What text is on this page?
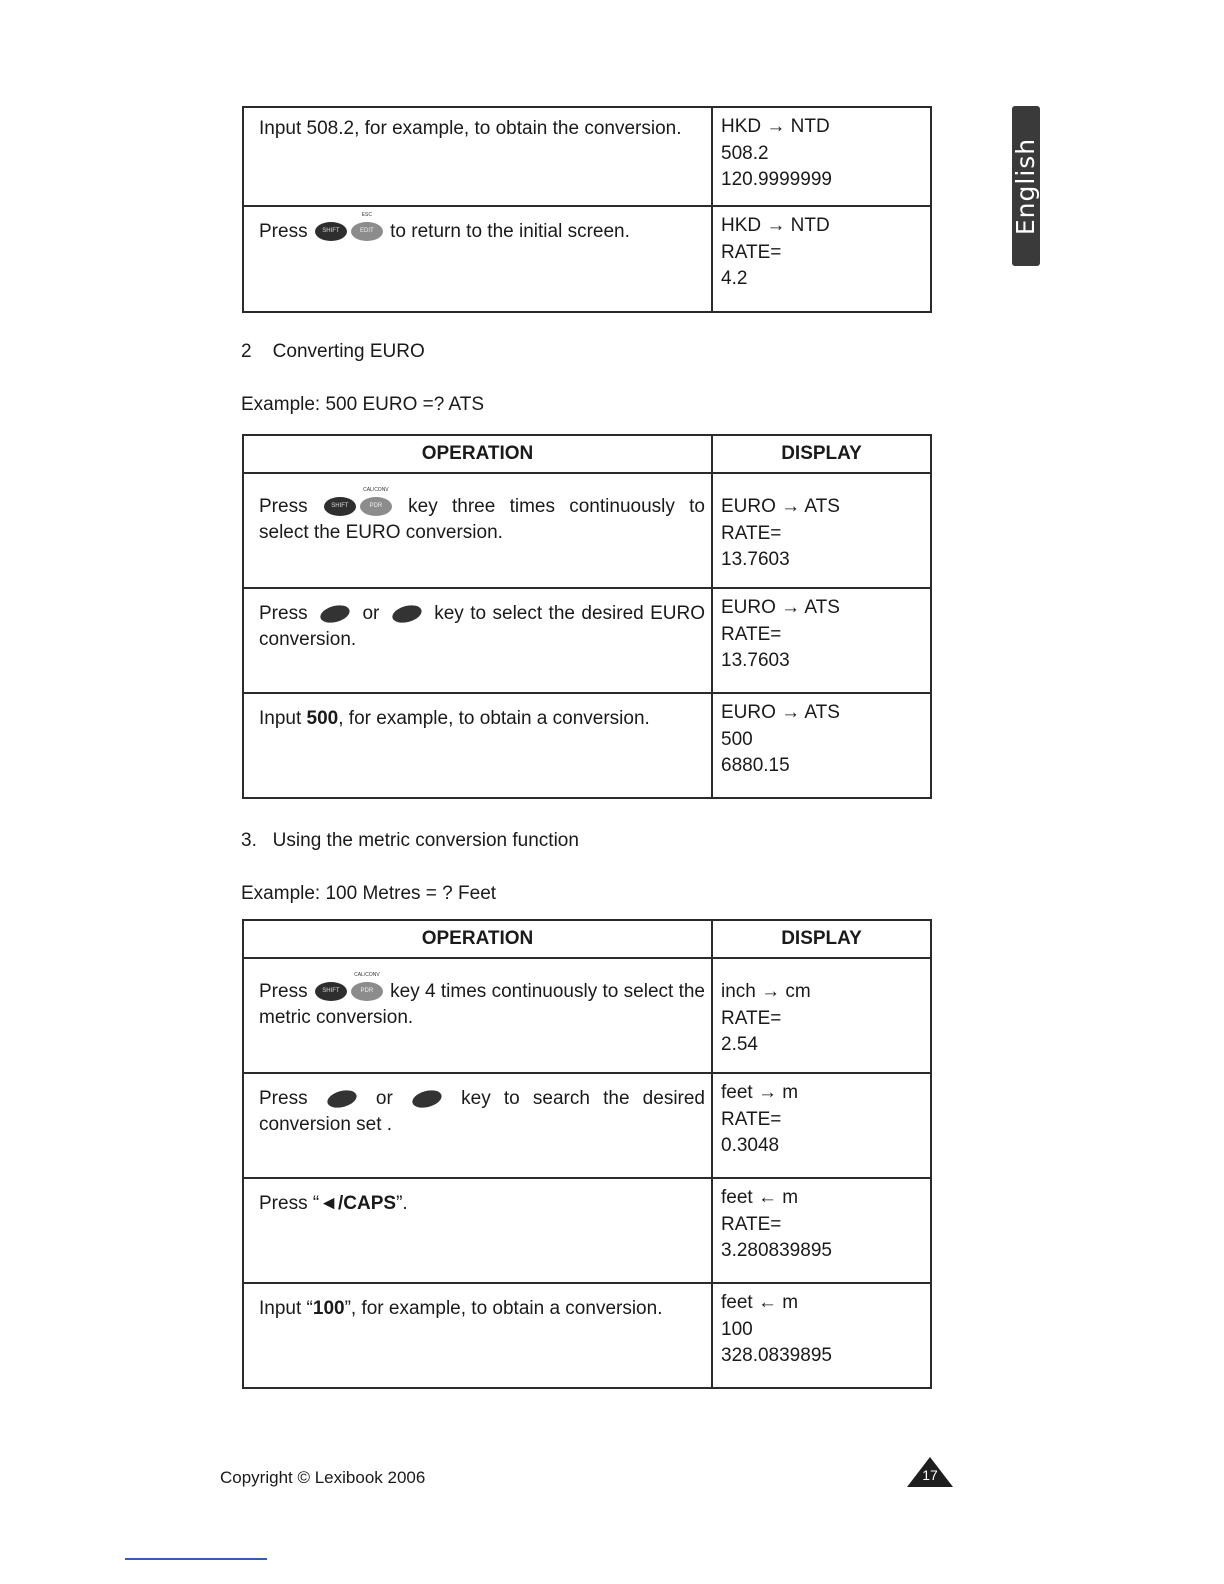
English
Input 508.2, for example, to obtain the conversion.	HKD → NTD
508.2
120.9999999

Press SHIFT
ESC
EDIT to return to the initial screen.	HKD → NTD
RATE=
4.2
2    Converting EURO
Example: 500 EURO =? ATS
OPERATION	DISPLAY
Press SHIFT
CAL/CONV
PDR key three times continuously to select the EURO conversion.	EURO → ATS
RATE=
13.7603

Press or key to select the desired EURO conversion.	EURO → ATS
RATE=
13.7603

Input 500, for example, to obtain a conversion.	EURO → ATS
500
6880.15
3.   Using the metric conversion function
Example: 100 Metres = ? Feet
OPERATION	DISPLAY
Press SHIFT
CAL/CONV
PDR key 4 times continuously to select the metric conversion.	inch → cm
RATE=
2.54

Press or key to search the desired conversion set .	feet → m
RATE=
0.3048

Press “◄/CAPS”.	feet ← m
RATE=
3.280839895

Input “100”, for example, to obtain a conversion.	feet ← m
100
328.0839895
Copyright © Lexibook 2006	17
